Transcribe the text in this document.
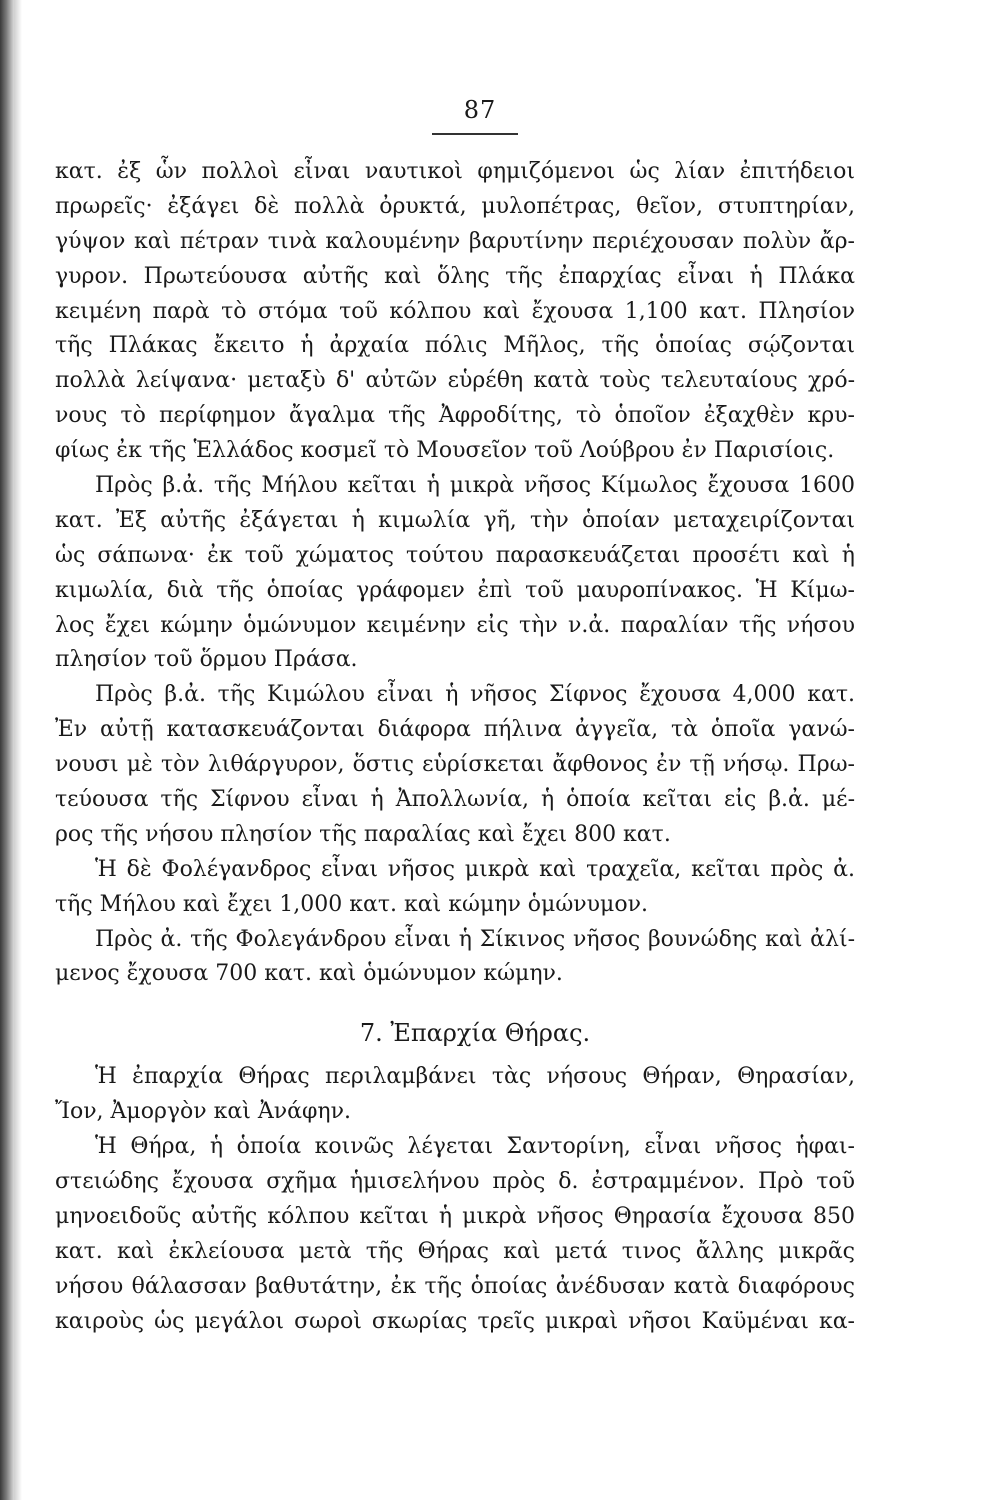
87
κατ. ἐξ ὧν πολλοὶ εἶναι ναυτικοὶ φημιζόμενοι ὡς λίαν ἐπιτήδειοι
πρωρεῖς· ἐξάγει δὲ πολλὰ ὀρυκτά, μυλοπέτρας, θεῖον, στυπτηρίαν,
γύψον καὶ πέτραν τινὰ καλουμένην βαρυτίνην περιέχουσαν πολὺν ἄρ-
γυρον. Πρωτεύουσα αὐτῆς καὶ ὅλης τῆς ἐπαρχίας εἶναι ἡ Πλάκα
κειμένη παρὰ τὸ στόμα τοῦ κόλπου καὶ ἔχουσα 1,100 κατ. Πλησίον
τῆς Πλάκας ἔκειτο ἡ ἀρχαία πόλις Μῆλος, τῆς ὁποίας σῴζονται
πολλὰ λείψανα· μεταξὺ δ' αὐτῶν εὑρέθη κατὰ τοὺς τελευταίους χρό-
νους τὸ περίφημον ἄγαλμα τῆς Ἀφροδίτης, τὸ ὁποῖον ἐξαχθὲν κρυ-
φίως ἐκ τῆς Ἑλλάδος κοσμεῖ τὸ Μουσεῖον τοῦ Λούβρου ἐν Παρισίοις.
Πρὸς β.ἀ. τῆς Μήλου κεῖται ἡ μικρὰ νῆσος Κίμωλος ἔχουσα 1600
κατ. Ἐξ αὐτῆς ἐξάγεται ἡ κιμωλία γῆ, τὴν ὁποίαν μεταχειρίζονται
ὡς σάπωνα· ἐκ τοῦ χώματος τούτου παρασκευάζεται προσέτι καὶ ἡ
κιμωλία, διὰ τῆς ὁποίας γράφομεν ἐπὶ τοῦ μαυροπίνακος. Ἡ Κίμω-
λος ἔχει κώμην ὁμώνυμον κειμένην εἰς τὴν ν.ἀ. παραλίαν τῆς νήσου
πλησίον τοῦ ὅρμου Πράσα.
Πρὸς β.ἀ. τῆς Κιμώλου εἶναι ἡ νῆσος Σίφνος ἔχουσα 4,000 κατ.
Ἐν αὐτῇ κατασκευάζονται διάφορα πήλινα ἀγγεῖα, τὰ ὁποῖα γανώ-
νουσι μὲ τὸν λιθάργυρον, ὅστις εὑρίσκεται ἄφθονος ἐν τῇ νήσῳ. Πρω-
τεύουσα τῆς Σίφνου εἶναι ἡ Ἀπολλωνία, ἡ ὁποία κεῖται εἰς β.ἀ. μέ-
ρος τῆς νήσου πλησίον τῆς παραλίας καὶ ἔχει 800 κατ.
Ἡ δὲ Φολέγανδρος εἶναι νῆσος μικρὰ καὶ τραχεῖα, κεῖται πρὸς ἀ.
τῆς Μήλου καὶ ἔχει 1,000 κατ. καὶ κώμην ὁμώνυμον.
Πρὸς ἀ. τῆς Φολεγάνδρου εἶναι ἡ Σίκινος νῆσος βουνώδης καὶ ἀλί-
μενος ἔχουσα 700 κατ. καὶ ὁμώνυμον κώμην.
7. Ἐπαρχία Θήρας.
Ἡ ἐπαρχία Θήρας περιλαμβάνει τὰς νήσους Θήραν, Θηρασίαν,
Ἴον, Ἀμοργὸν καὶ Ἀνάφην.
Ἡ Θήρα, ἡ ὁποία κοινῶς λέγεται Σαντορίνη, εἶναι νῆσος ἡφαι-
στειώδης ἔχουσα σχῆμα ἡμισελήνου πρὸς δ. ἐστραμμένον. Πρὸ τοῦ
μηνοειδοῦς αὐτῆς κόλπου κεῖται ἡ μικρὰ νῆσος Θηρασία ἔχουσα 850
κατ. καὶ ἐκλείουσα μετὰ τῆς Θήρας καὶ μετά τινος ἄλλης μικρᾶς
νήσου θάλασσαν βαθυτάτην, ἐκ τῆς ὁποίας ἀνέδυσαν κατὰ διαφόρους
καιροὺς ὡς μεγάλοι σωροὶ σκωρίας τρεῖς μικραὶ νῆσοι Καϋμέναι κα-
